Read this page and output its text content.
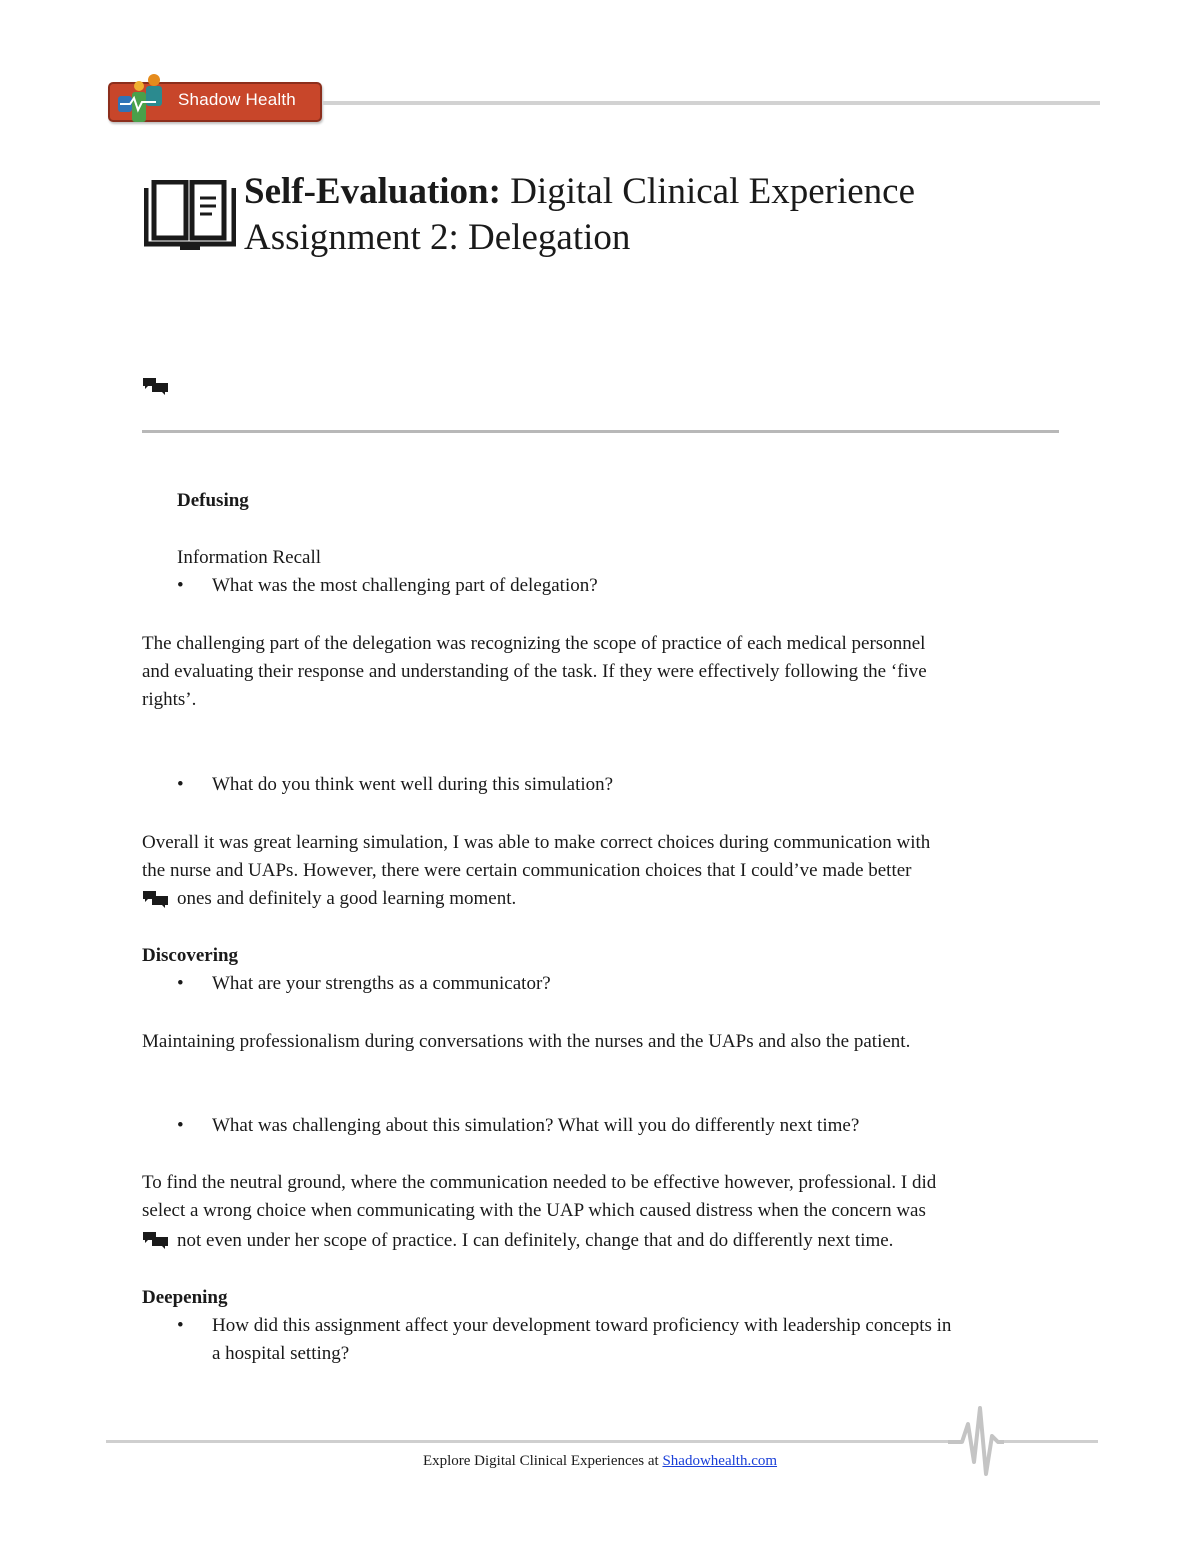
Shadow Health
Self-Evaluation: Digital Clinical Experience
Assignment 2: Delegation
Defusing
Information Recall
• What was the most challenging part of delegation?
The challenging part of the delegation was recognizing the scope of practice of each medical personnel
and evaluating their response and understanding of the task. If they were effectively following the ‘five
rights’.
• What do you think went well during this simulation?
Overall it was great learning simulation, I was able to make correct choices during communication with
the nurse and UAPs. However, there were certain communication choices that I could’ve made better
ones and definitely a good learning moment.
Discovering
• What are your strengths as a communicator?
Maintaining professionalism during conversations with the nurses and the UAPs and also the patient.
• What was challenging about this simulation? What will you do differently next time?
To find the neutral ground, where the communication needed to be effective however, professional. I did
select a wrong choice when communicating with the UAP which caused distress when the concern was
not even under her scope of practice. I can definitely, change that and do differently next time.
Deepening
• How did this assignment affect your development toward proficiency with leadership concepts in
a hospital setting?
Explore Digital Clinical Experiences at Shadowhealth.com
